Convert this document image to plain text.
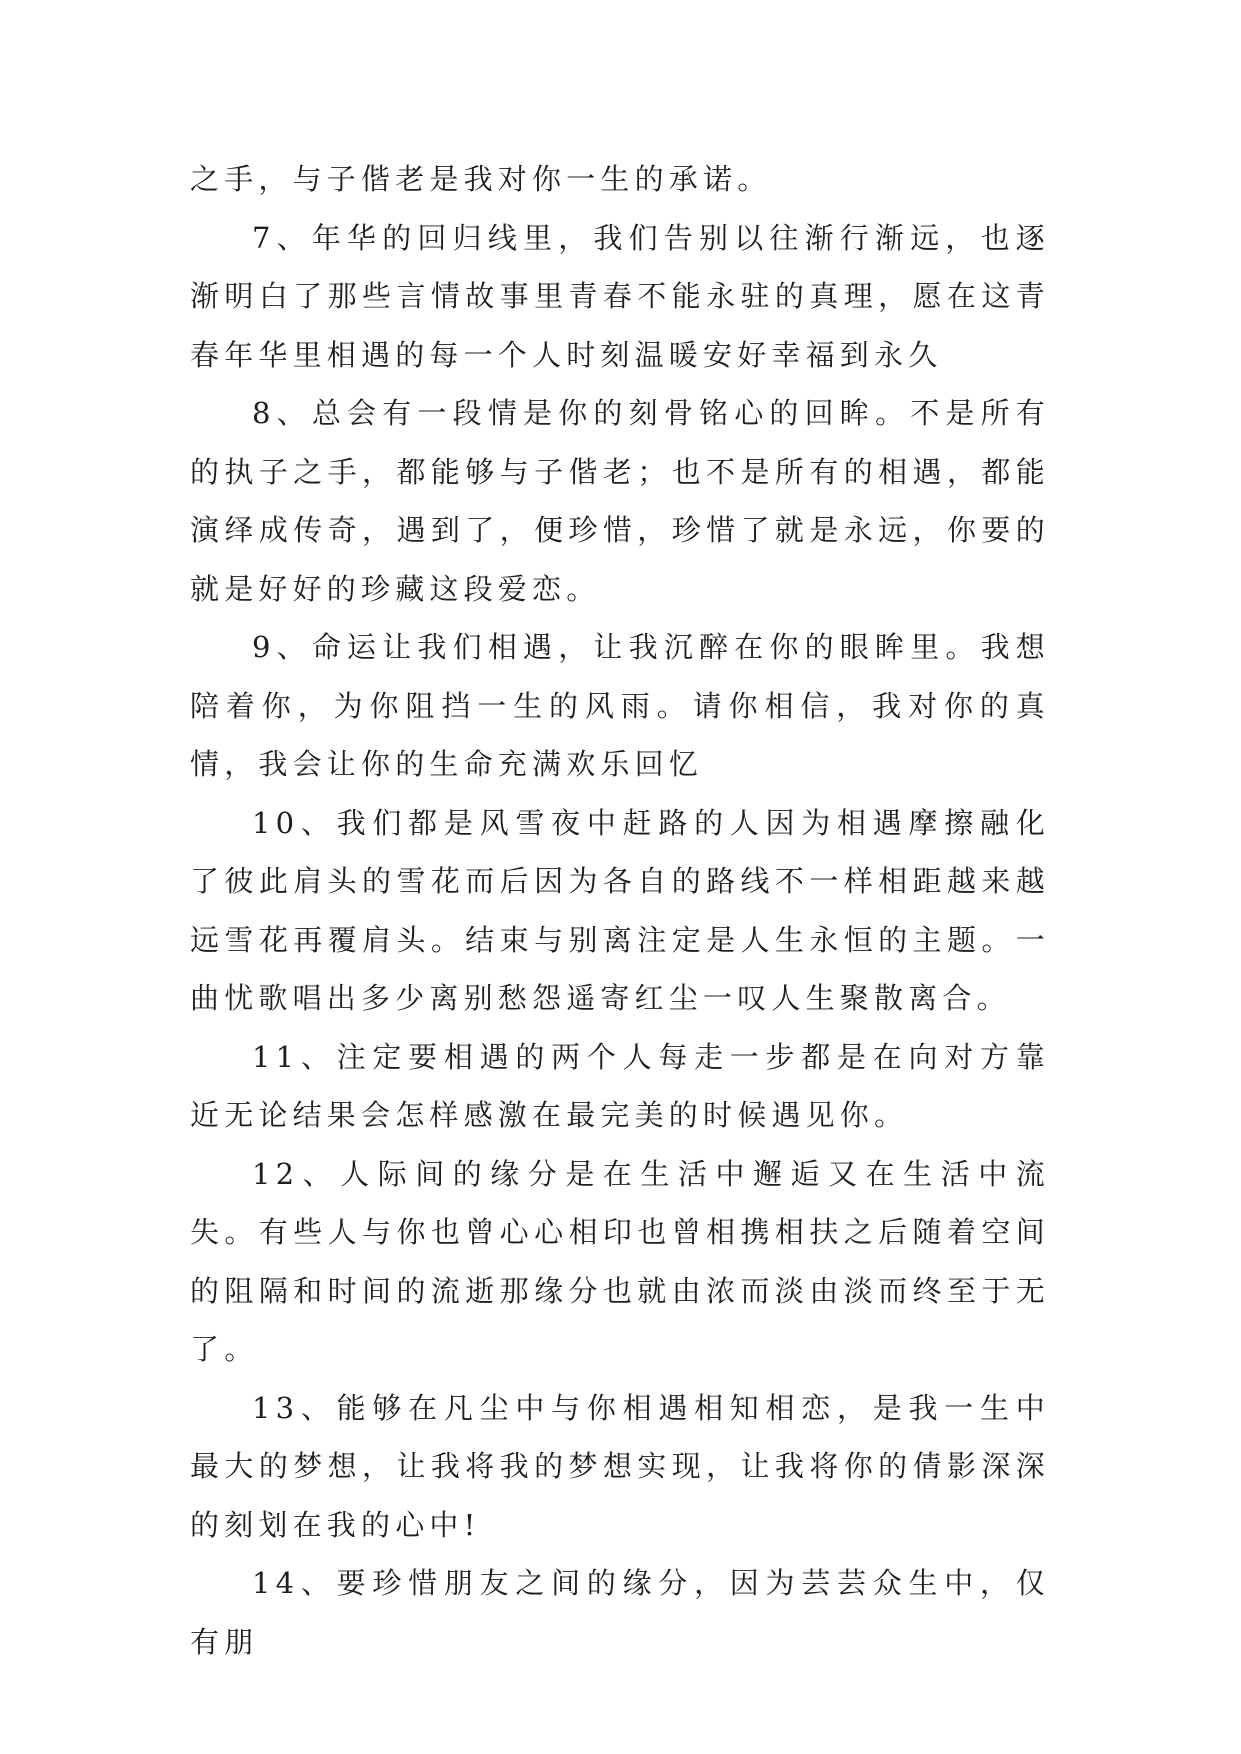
之手，与子偕老是我对你一生的承诺。

7、年华的回归线里，我们告别以往渐行渐远，也逐渐明白了那些言情故事里青春不能永驻的真理，愿在这青春年华里相遇的每一个人时刻温暖安好幸福到永久

8、总会有一段情是你的刻骨铭心的回眸。不是所有的执子之手，都能够与子偕老；也不是所有的相遇，都能演绎成传奇，遇到了，便珍惜，珍惜了就是永远，你要的就是好好的珍藏这段爱恋。

9、命运让我们相遇，让我沉醉在你的眼眸里。我想陪着你，为你阻挡一生的风雨。请你相信，我对你的真情，我会让你的生命充满欢乐回忆

10、我们都是风雪夜中赶路的人因为相遇摩擦融化了彼此肩头的雪花而后因为各自的路线不一样相距越来越远雪花再覆肩头。结束与别离注定是人生永恒的主题。一曲忧歌唱出多少离别愁怨遥寄红尘一叹人生聚散离合。

11、注定要相遇的两个人每走一步都是在向对方靠近无论结果会怎样感激在最完美的时候遇见你。

12、人际间的缘分是在生活中邂逅又在生活中流失。有些人与你也曾心心相印也曾相携相扶之后随着空间的阻隔和时间的流逝那缘分也就由浓而淡由淡而终至于无了。

13、能够在凡尘中与你相遇相知相恋，是我一生中最大的梦想，让我将我的梦想实现，让我将你的倩影深深的刻划在我的心中!

14、要珍惜朋友之间的缘分，因为芸芸众生中，仅有朋
